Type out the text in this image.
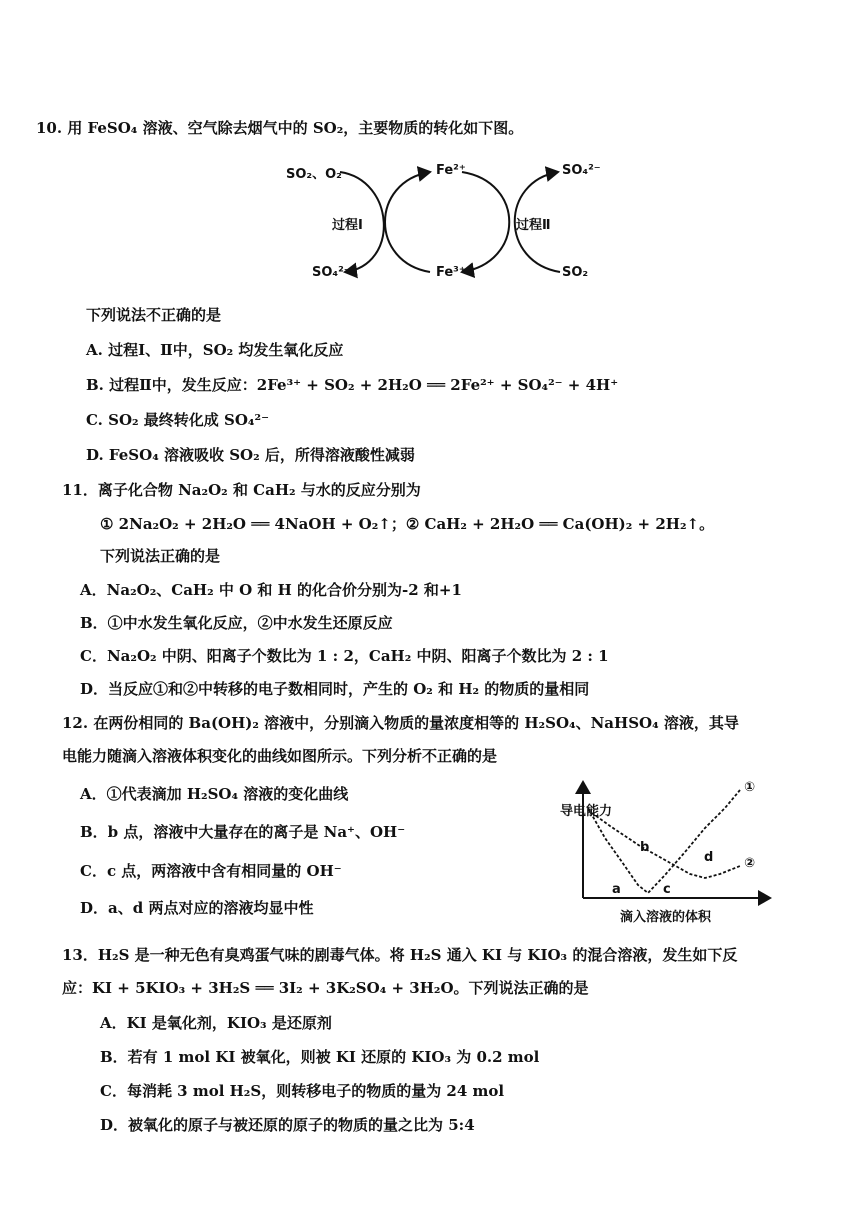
10. 用 FeSO₄ 溶液、空气除去烟气中的 SO₂，主要物质的转化如下图。
SO₂、O₂	Fe²⁺	SO₄²⁻
SO₄²⁻	Fe³⁺	SO₂
过程Ⅰ	过程Ⅱ
下列说法不正确的是
A. 过程Ⅰ、Ⅱ中，SO₂ 均发生氧化反应
B. 过程Ⅱ中，发生反应：2Fe³⁺ + SO₂ + 2H₂O ══ 2Fe²⁺ + SO₄²⁻ + 4H⁺
C. SO₂ 最终转化成 SO₄²⁻
D. FeSO₄ 溶液吸收 SO₂ 后，所得溶液酸性减弱
11．离子化合物 Na₂O₂ 和 CaH₂ 与水的反应分别为
① 2Na₂O₂ + 2H₂O ══ 4NaOH + O₂↑；② CaH₂ + 2H₂O ══ Ca(OH)₂ + 2H₂↑。
下列说法正确的是
A．Na₂O₂、CaH₂ 中 O 和 H 的化合价分别为-2 和+1
B．①中水发生氧化反应，②中水发生还原反应
C．Na₂O₂ 中阴、阳离子个数比为 1 : 2，CaH₂ 中阴、阳离子个数比为 2 : 1
D．当反应①和②中转移的电子数相同时，产生的 O₂ 和 H₂ 的物质的量相同
12. 在两份相同的 Ba(OH)₂ 溶液中，分别滴入物质的量浓度相等的 H₂SO₄、NaHSO₄ 溶液，其导
电能力随滴入溶液体积变化的曲线如图所示。下列分析不正确的是
A．①代表滴加 H₂SO₄ 溶液的变化曲线
B．b 点，溶液中大量存在的离子是 Na⁺、OH⁻
C．c 点，两溶液中含有相同量的 OH⁻
D．a、d 两点对应的溶液均显中性
导电能力
滴入溶液的体积
①
②
a
b
c
d
13．H₂S 是一种无色有臭鸡蛋气味的剧毒气体。将 H₂S 通入 KI 与 KIO₃ 的混合溶液，发生如下反
应：KI + 5KIO₃ + 3H₂S ══ 3I₂ + 3K₂SO₄ + 3H₂O。下列说法正确的是
A．KI 是氧化剂，KIO₃ 是还原剂
B．若有 1 mol KI 被氧化，则被 KI 还原的 KIO₃ 为 0.2 mol
C．每消耗 3 mol H₂S，则转移电子的物质的量为 24 mol
D．被氧化的原子与被还原的原子的物质的量之比为 5:4
